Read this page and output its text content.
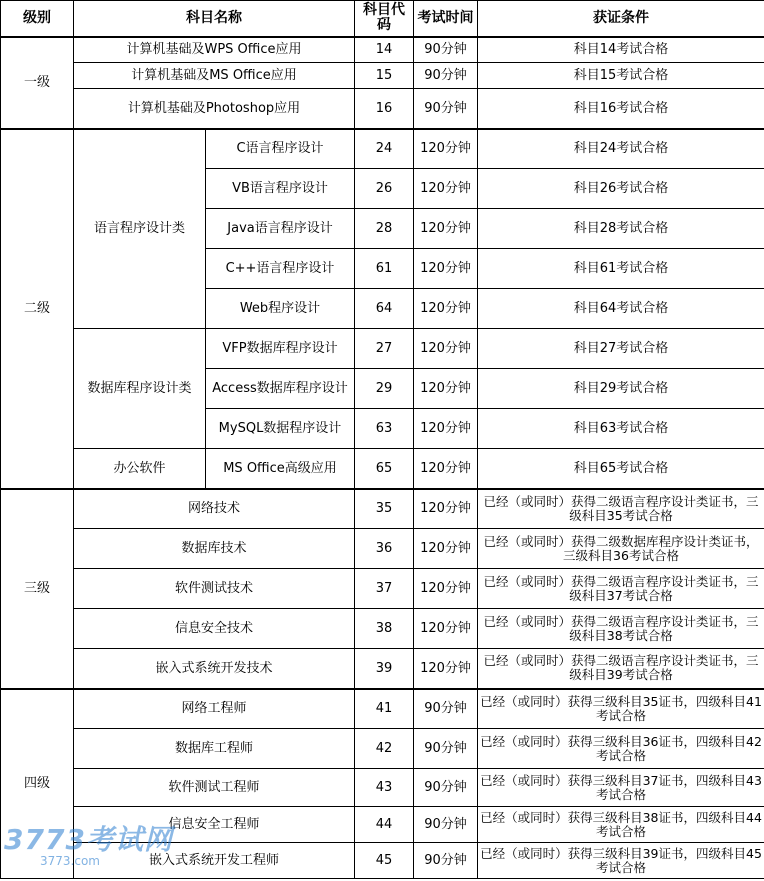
级别	科目名称		科目代码	考试时间	获证条件
一级	计算机基础及WPS Office应用		14	90分钟	科目14考试合格
	计算机基础及MS Office应用		15	90分钟	科目15考试合格
	计算机基础及Photoshop应用		16	90分钟	科目16考试合格
二级	语言程序设计类	C语言程序设计	24	120分钟	科目24考试合格
		VB语言程序设计	26	120分钟	科目26考试合格
		Java语言程序设计	28	120分钟	科目28考试合格
		C++语言程序设计	61	120分钟	科目61考试合格
		Web程序设计	64	120分钟	科目64考试合格
	数据库程序设计类	VFP数据库程序设计	27	120分钟	科目27考试合格
		Access数据库程序设计	29	120分钟	科目29考试合格
		MySQL数据程序设计	63	120分钟	科目63考试合格
	办公软件	MS Office高级应用	65	120分钟	科目65考试合格
三级	网络技术		35	120分钟	已经（或同时）获得二级语言程序设计类证书，三级科目35考试合格
	数据库技术		36	120分钟	已经（或同时）获得二级数据库程序设计类证书，三级科目36考试合格
	软件测试技术		37	120分钟	已经（或同时）获得二级语言程序设计类证书，三级科目37考试合格
	信息安全技术		38	120分钟	已经（或同时）获得二级语言程序设计类证书，三级科目38考试合格
	嵌入式系统开发技术		39	120分钟	已经（或同时）获得二级语言程序设计类证书，三级科目39考试合格
四级	网络工程师		41	90分钟	已经（或同时）获得三级科目35证书，四级科目41考试合格
	数据库工程师		42	90分钟	已经（或同时）获得三级科目36证书，四级科目42考试合格
	软件测试工程师		43	90分钟	已经（或同时）获得三级科目37证书，四级科目43考试合格
	信息安全工程师		44	90分钟	已经（或同时）获得三级科目38证书，四级科目44考试合格
	嵌入式系统开发工程师		45	90分钟	已经（或同时）获得三级科目39证书，四级科目45考试合格
3773考试网
3773.com
